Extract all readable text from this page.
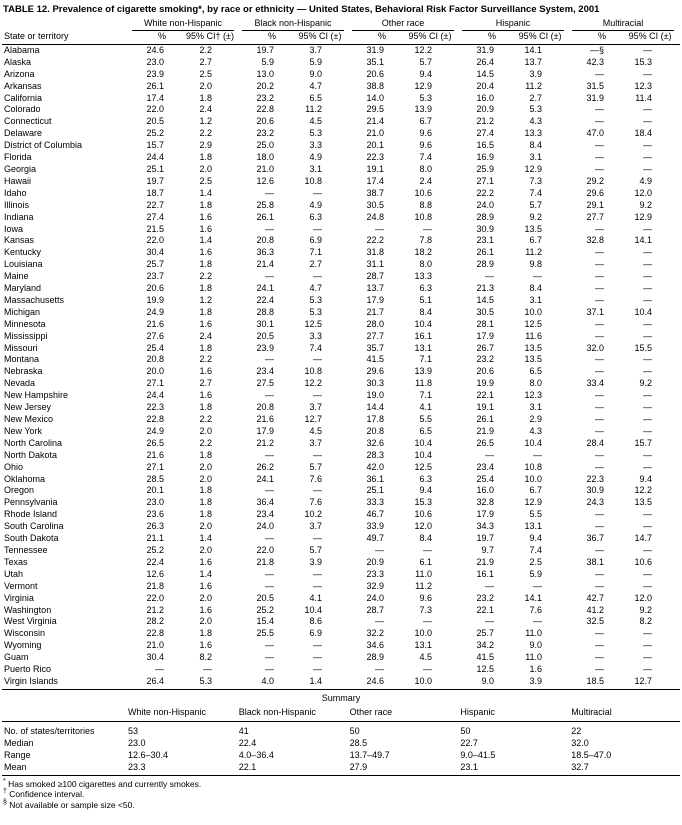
TABLE 12. Prevalence of cigarette smoking*, by race or ethnicity — United States, Behavioral Risk Factor Surveillance System, 2001

	White non-Hispanic		Black non-Hispanic		Other race		Hispanic		Multiracial	

State or territory	%	95% CI† (±)	%	95% CI (±)	%	95% CI (±)	%	95% CI (±)	%	95% CI (±)
Alabama	24.6	2.2	19.7	3.7	31.9	12.2	31.9	14.1	—§	—
Alaska	23.0	2.7	5.9	5.9	35.1	5.7	26.4	13.7	42.3	15.3
Arizona	23.9	2.5	13.0	9.0	20.6	9.4	14.5	3.9	—	—
Arkansas	26.1	2.0	20.2	4.7	38.8	12.9	20.4	11.2	31.5	12.3
California	17.4	1.8	23.2	6.5	14.0	5.3	16.0	2.7	31.9	11.4
Colorado	22.0	2.4	22.8	11.2	29.5	13.9	20.9	5.3	—	—
Connecticut	20.5	1.2	20.6	4.5	21.4	6.7	21.2	4.3	—	—
Delaware	25.2	2.2	23.2	5.3	21.0	9.6	27.4	13.3	47.0	18.4
District of Columbia	15.7	2.9	25.0	3.3	20.1	9.6	16.5	8.4	—	—
Florida	24.4	1.8	18.0	4.9	22.3	7.4	16.9	3.1	—	—
Georgia	25.1	2.0	21.0	3.1	19.1	8.0	25.9	12.9	—	—
Hawaii	19.7	2.5	12.6	10.8	17.4	2.4	27.1	7.3	29.2	4.9
Idaho	18.7	1.4	—	—	38.7	10.6	22.2	7.4	29.6	12.0
Illinois	22.7	1.8	25.8	4.9	30.5	8.8	24.0	5.7	29.1	9.2
Indiana	27.4	1.6	26.1	6.3	24.8	10.8	28.9	9.2	27.7	12.9
Iowa	21.5	1.6	—	—	—	—	30.9	13.5	—	—
Kansas	22.0	1.4	20.8	6.9	22.2	7.8	23.1	6.7	32.8	14.1
Kentucky	30.4	1.6	36.3	7.1	31.8	18.2	26.1	11.2	—	—
Louisiana	25.7	1.8	21.4	2.7	31.1	8.0	28.9	9.8	—	—
Maine	23.7	2.2	—	—	28.7	13.3	—	—	—	—
Maryland	20.6	1.8	24.1	4.7	13.7	6.3	21.3	8.4	—	—
Massachusetts	19.9	1.2	22.4	5.3	17.9	5.1	14.5	3.1	—	—
Michigan	24.9	1.8	28.8	5.3	21.7	8.4	30.5	10.0	37.1	10.4
Minnesota	21.6	1.6	30.1	12.5	28.0	10.4	28.1	12.5	—	—
Mississippi	27.6	2.4	20.5	3.3	27.7	16.1	17.9	11.6	—	—
Missouri	25.4	1.8	23.9	7.4	35.7	13.1	26.7	13.5	32.0	15.5
Montana	20.8	2.2	—	—	41.5	7.1	23.2	13.5	—	—
Nebraska	20.0	1.6	23.4	10.8	29.6	13.9	20.6	6.5	—	—
Nevada	27.1	2.7	27.5	12.2	30.3	11.8	19.9	8.0	33.4	9.2
New Hampshire	24.4	1.6	—	—	19.0	7.1	22.1	12.3	—	—
New Jersey	22.3	1.8	20.8	3.7	14.4	4.1	19.1	3.1	—	—
New Mexico	22.8	2.2	21.6	12.7	17.8	5.5	26.1	2.9	—	—
New York	24.9	2.0	17.9	4.5	20.8	6.5	21.9	4.3	—	—
North Carolina	26.5	2.2	21.2	3.7	32.6	10.4	26.5	10.4	28.4	15.7
North Dakota	21.6	1.8	—	—	28.3	10.4	—	—	—	—
Ohio	27.1	2.0	26.2	5.7	42.0	12.5	23.4	10.8	—	—
Oklahoma	28.5	2.0	24.1	7.6	36.1	6.3	25.4	10.0	22.3	9.4
Oregon	20.1	1.8	—	—	25.1	9.4	16.0	6.7	30.9	12.2
Pennsylvania	23.0	1.8	36.4	7.6	33.3	15.3	32.8	12.9	24.3	13.5
Rhode Island	23.6	1.8	23.4	10.2	46.7	10.6	17.9	5.5	—	—
South Carolina	26.3	2.0	24.0	3.7	33.9	12.0	34.3	13.1	—	—
South Dakota	21.1	1.4	—	—	49.7	8.4	19.7	9.4	36.7	14.7
Tennessee	25.2	2.0	22.0	5.7	—	—	9.7	7.4	—	—
Texas	22.4	1.6	21.8	3.9	20.9	6.1	21.9	2.5	38.1	10.6
Utah	12.6	1.4	—	—	23.3	11.0	16.1	5.9	—	—
Vermont	21.8	1.6	—	—	32.9	11.2	—	—	—	—
Virginia	22.0	2.0	20.5	4.1	24.0	9.6	23.2	14.1	42.7	12.0
Washington	21.2	1.6	25.2	10.4	28.7	7.3	22.1	7.6	41.2	9.2
West Virginia	28.2	2.0	15.4	8.6	—	—	—	—	32.5	8.2
Wisconsin	22.8	1.8	25.5	6.9	32.2	10.0	25.7	11.0	—	—
Wyoming	21.0	1.6	—	—	34.6	13.1	34.2	9.0	—	—
Guam	30.4	8.2	—	—	28.9	4.5	41.5	11.0	—	—
Puerto Rico	—	—	—	—	—	—	12.5	1.6	—	—
Virgin Islands	26.4	5.3	4.0	1.4	24.6	10.0	9.0	3.9	18.5	12.7
Summary
	White non-Hispanic	Black non-Hispanic	Other race	Hispanic	Multiracial
No. of states/territories	53	41	50	50	22
Median	23.0	22.4	28.5	22.7	32.0
Range	12.6–30.4	4.0–36.4	13.7–49.7	9.0–41.5	18.5–47.0
Mean	23.3	22.1	27.9	23.1	32.7
* Has smoked ≥100 cigarettes and currently smokes.
† Confidence interval.
§ Not available or sample size <50.
